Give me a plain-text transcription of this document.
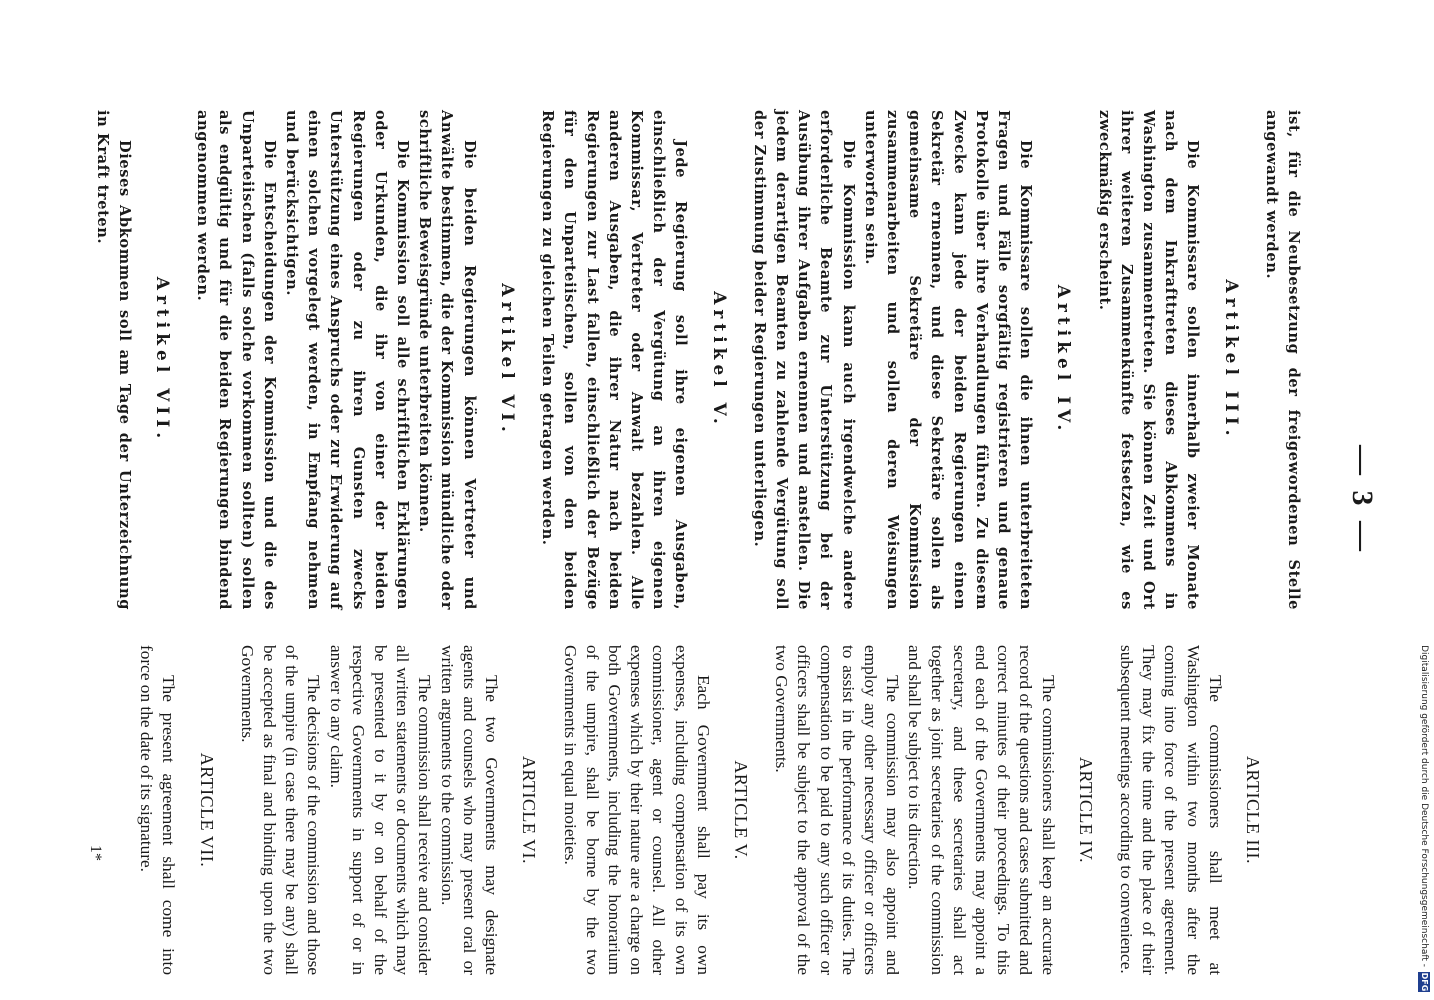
— 3 —

ist, für die Neubesetzung der freigewordenen Stelle angewandt werden.

Artikel III.

Die Kommissare sollen innerhalb zweier Monate nach dem Inkrafttreten dieses Abkommens in Washington zusammentreten. Sie können Zeit und Ort ihrer weiteren Zusammenkünfte festsetzen, wie es zweckmäßig erscheint.

Artikel IV.

Die Kommissare sollen die ihnen unterbreiteten Fragen und Fälle sorgfältig registrieren und genaue Protokolle über ihre Verhandlungen führen. Zu diesem Zwecke kann jede der beiden Regierungen einen Sekretär ernennen, und diese Sekretäre sollen als gemeinsame Sekretäre der Kommission zusammenarbeiten und sollen deren Weisungen unterworfen sein.

Die Kommission kann auch irgendwelche andere erforderliche Beamte zur Unterstützung bei der Ausübung ihrer Aufgaben ernennen und anstellen. Die jedem derartigen Beamten zu zahlende Vergütung soll der Zustimmung beider Regierungen unterliegen.

Artikel V.

Jede Regierung soll ihre eigenen Ausgaben, einschließlich der Vergütung an ihren eigenen Kommissar, Vertreter oder Anwalt bezahlen. Alle anderen Ausgaben, die ihrer Natur nach beiden Regierungen zur Last fallen, einschließlich der Bezüge für den Unparteiischen, sollen von den beiden Regierungen zu gleichen Teilen getragen werden.

Artikel VI.

Die beiden Regierungen können Vertreter und Anwälte bestimmen, die der Kommission mündliche oder schriftliche Beweisgründe unterbreiten können.

Die Kommission soll alle schriftlichen Erklärungen oder Urkunden, die ihr von einer der beiden Regierungen oder zu ihren Gunsten zwecks Unterstützung eines Anspruchs oder zur Erwiderung auf einen solchen vorgelegt werden, in Empfang nehmen und berücksichtigen.

Die Entscheidungen der Kommission und die des Unparteiischen (falls solche vorkommen sollten) sollen als endgültig und für die beiden Regierungen bindend angenommen werden.

Artikel VII.

Dieses Abkommen soll am Tage der Unterzeichnung in Kraft treten.

ARTICLE III.

The commissioners shall meet at Washington within two months after the coming into force of the present agreement. They may fix the time and the place of their subsequent meetings according to convenience.

ARTICLE IV.

The commissioners shall keep an accurate record of the questions and cases submitted and correct minutes of their proceedings. To this end each of the Governments may appoint a secretary, and these secretaries shall act together as joint secretaries of the commission and shall be subject to its direction.

The commission may also appoint and employ any other necessary officer or officers to assist in the performance of its duties. The compensation to be paid to any such officer or officers shall be subject to the approval of the two Governments.

ARTICLE V.

Each Government shall pay its own expenses, including compensation of its own commissioner, agent or counsel. All other expenses which by their nature are a charge on both Governments, including the honorarium of the umpire, shall be borne by the two Governments in equal moieties.

ARTICLE VI.

The two Governments may designate agents and counsels who may present oral or written arguments to the commission.

The commission shall receive and consider all written statements or documents which may be presented to it by or on behalf of the respective Governments in support of or in answer to any claim.

The decisions of the commission and those of the umpire (in case there may be any) shall be accepted as final and binding upon the two Governments.

ARTICLE VII.

The present agreement shall come into force on the date of its signature.

1*	Digitalisierung gefördert durch die Deutsche Forschungsgemeinschaft -
DFG
